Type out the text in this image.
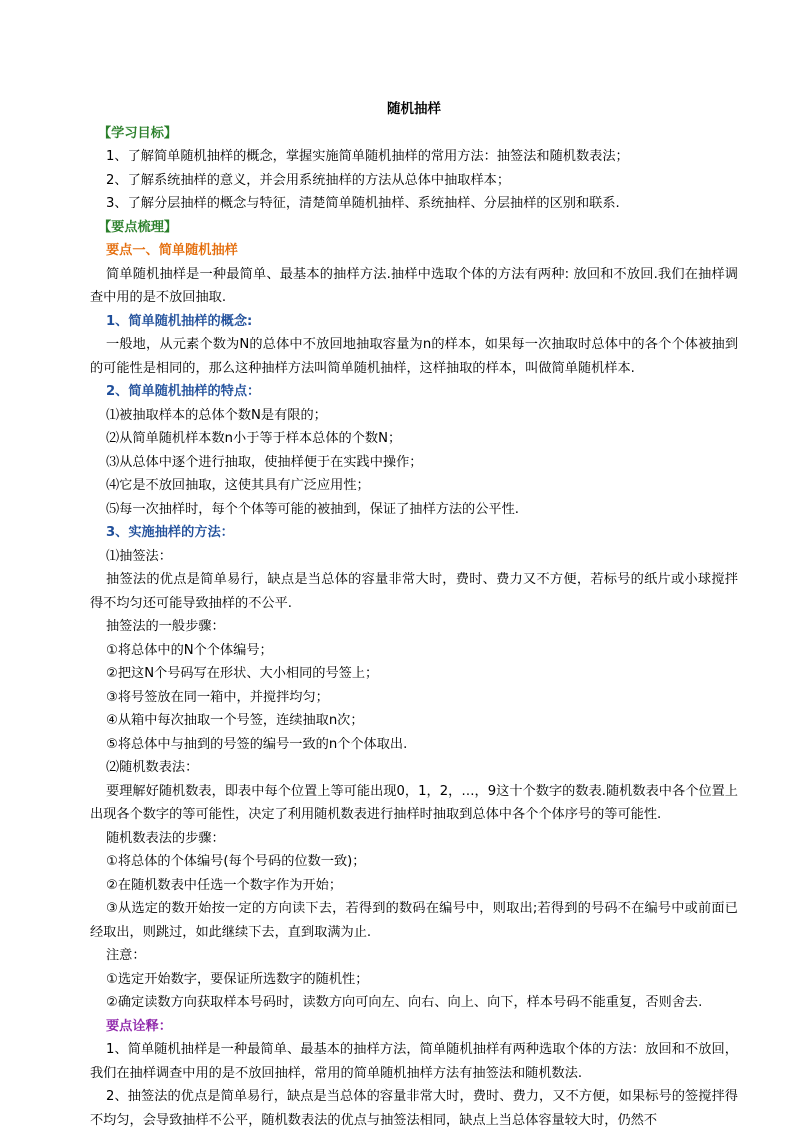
随机抽样

【学习目标】

1、了解简单随机抽样的概念，掌握实施简单随机抽样的常用方法：抽签法和随机数表法；

2、了解系统抽样的意义，并会用系统抽样的方法从总体中抽取样本；

3、了解分层抽样的概念与特征，清楚简单随机抽样、系统抽样、分层抽样的区别和联系.

【要点梳理】

要点一、简单随机抽样

简单随机抽样是一种最简单、最基本的抽样方法.抽样中选取个体的方法有两种: 放回和不放回.我们在抽样调查中用的是不放回抽取.

1、简单随机抽样的概念:

一般地，从元素个数为N的总体中不放回地抽取容量为n的样本，如果每一次抽取时总体中的各个个体被抽到的可能性是相同的，那么这种抽样方法叫简单随机抽样，这样抽取的样本，叫做简单随机样本.

2、简单随机抽样的特点：

⑴被抽取样本的总体个数N是有限的；

⑵从简单随机样本数n小于等于样本总体的个数N；

⑶从总体中逐个进行抽取，使抽样便于在实践中操作；

⑷它是不放回抽取，这使其具有广泛应用性；

⑸每一次抽样时，每个个体等可能的被抽到，保证了抽样方法的公平性.

3、实施抽样的方法：

⑴抽签法：

抽签法的优点是简单易行，缺点是当总体的容量非常大时，费时、费力又不方便，若标号的纸片或小球搅拌得不均匀还可能导致抽样的不公平.

抽签法的一般步骤：

①将总体中的N个个体编号；

②把这N个号码写在形状、大小相同的号签上；

③将号签放在同一箱中，并搅拌均匀；

④从箱中每次抽取一个号签，连续抽取n次；

⑤将总体中与抽到的号签的编号一致的n个个体取出.

⑵随机数表法：

要理解好随机数表，即表中每个位置上等可能出现0，1，2，…，9这十个数字的数表.随机数表中各个位置上出现各个数字的等可能性，决定了利用随机数表进行抽样时抽取到总体中各个个体序号的等可能性.

随机数表法的步骤：

①将总体的个体编号(每个号码的位数一致)；

②在随机数表中任选一个数字作为开始；

③从选定的数开始按一定的方向读下去，若得到的数码在编号中，则取出;若得到的号码不在编号中或前面已经取出，则跳过，如此继续下去，直到取满为止.

注意：

①选定开始数字，要保证所选数字的随机性；

②确定读数方向获取样本号码时，读数方向可向左、向右、向上、向下，样本号码不能重复，否则舍去.

要点诠释：

1、简单随机抽样是一种最简单、最基本的抽样方法，简单随机抽样有两种选取个体的方法：放回和不放回，我们在抽样调查中用的是不放回抽样，常用的简单随机抽样方法有抽签法和随机数法.

2、抽签法的优点是简单易行，缺点是当总体的容量非常大时，费时、费力，又不方便，如果标号的签搅拌得不均匀，会导致抽样不公平，随机数表法的优点与抽签法相同，缺点上当总体容量较大时，仍然不
